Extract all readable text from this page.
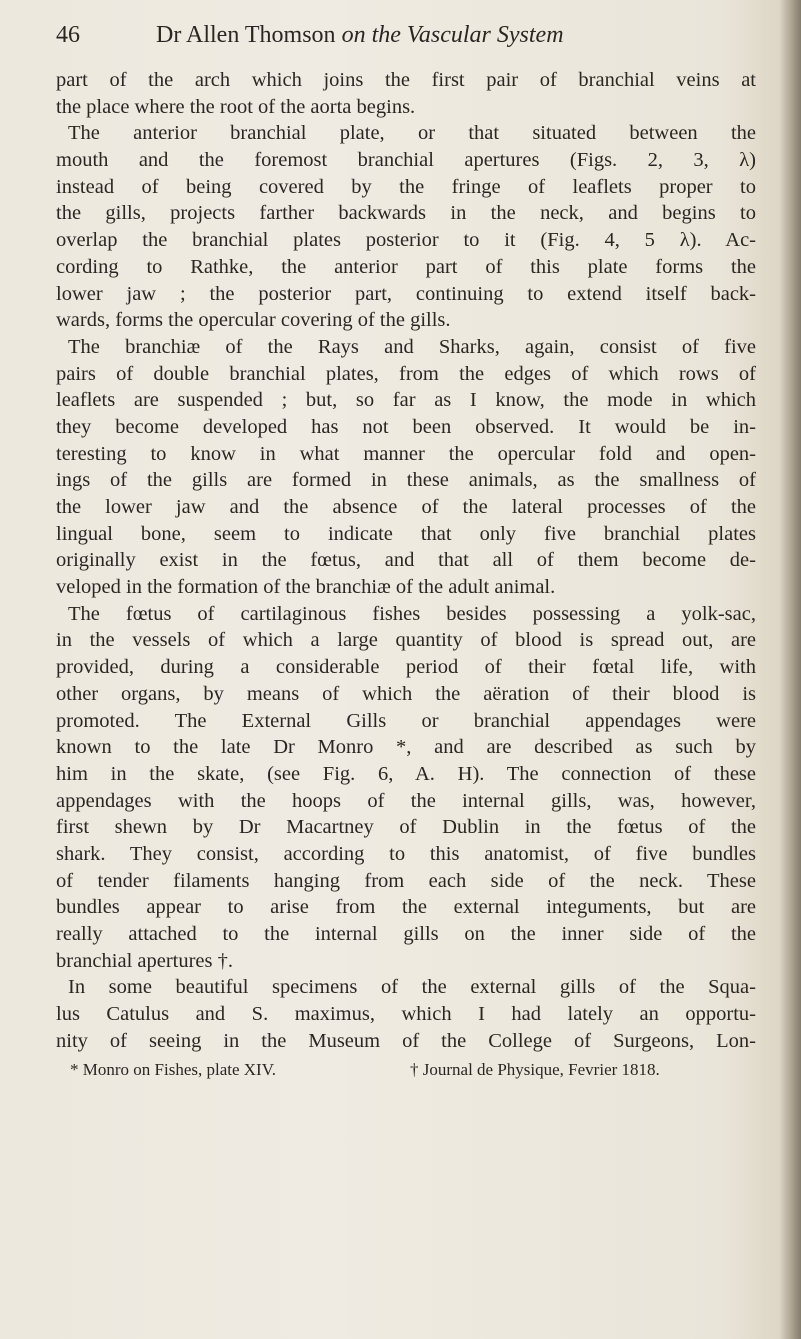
46	Dr Allen Thomson on the Vascular System
part of the arch which joins the first pair of branchial veins at
the place where the root of the aorta begins.
The anterior branchial plate, or that situated between the
mouth and the foremost branchial apertures (Figs. 2, 3, λ)
instead of being covered by the fringe of leaflets proper to
the gills, projects farther backwards in the neck, and begins to
overlap the branchial plates posterior to it (Fig. 4, 5 λ). Ac-
cording to Rathke, the anterior part of this plate forms the
lower jaw ; the posterior part, continuing to extend itself back-
wards, forms the opercular covering of the gills.
The branchiæ of the Rays and Sharks, again, consist of five
pairs of double branchial plates, from the edges of which rows of
leaflets are suspended ; but, so far as I know, the mode in which
they become developed has not been observed. It would be in-
teresting to know in what manner the opercular fold and open-
ings of the gills are formed in these animals, as the smallness of
the lower jaw and the absence of the lateral processes of the
lingual bone, seem to indicate that only five branchial plates
originally exist in the fœtus, and that all of them become de-
veloped in the formation of the branchiæ of the adult animal.
The fœtus of cartilaginous fishes besides possessing a yolk-sac,
in the vessels of which a large quantity of blood is spread out, are
provided, during a considerable period of their fœtal life, with
other organs, by means of which the aëration of their blood is
promoted. The External Gills or branchial appendages were
known to the late Dr Monro *, and are described as such by
him in the skate, (see Fig. 6, A. H). The connection of these
appendages with the hoops of the internal gills, was, however,
first shewn by Dr Macartney of Dublin in the fœtus of the
shark. They consist, according to this anatomist, of five bundles
of tender filaments hanging from each side of the neck. These
bundles appear to arise from the external integuments, but are
really attached to the internal gills on the inner side of the
branchial apertures †.
In some beautiful specimens of the external gills of the Squa-
lus Catulus and S. maximus, which I had lately an opportu-
nity of seeing in the Museum of the College of Surgeons, Lon-
* Monro on Fishes, plate XIV.	† Journal de Physique, Fevrier 1818.
